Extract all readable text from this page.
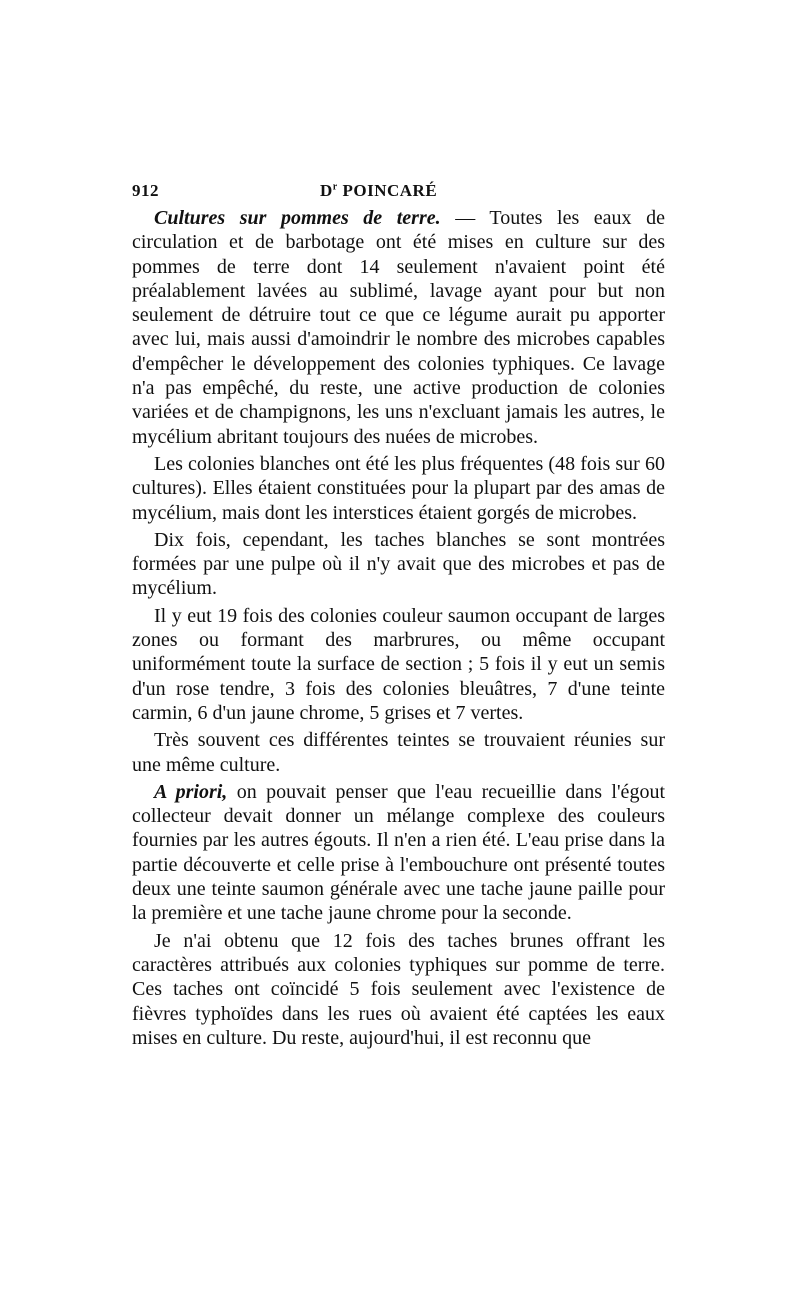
912	$D^r$ POINCARÉ

Cultures sur pommes de terre. — Toutes les eaux de circulation et de barbotage ont été mises en culture sur des pommes de terre dont 14 seulement n'avaient point été préalablement lavées au sublimé, lavage ayant pour but non seulement de détruire tout ce que ce légume aurait pu apporter avec lui, mais aussi d'amoindrir le nombre des microbes capables d'empêcher le développement des colonies typhiques. Ce lavage n'a pas empêché, du reste, une active production de colonies variées et de champignons, les uns n'excluant jamais les autres, le mycélium abritant toujours des nuées de microbes.

Les colonies blanches ont été les plus fréquentes (48 fois sur 60 cultures). Elles étaient constituées pour la plupart par des amas de mycélium, mais dont les interstices étaient gorgés de microbes.

Dix fois, cependant, les taches blanches se sont montrées formées par une pulpe où il n'y avait que des microbes et pas de mycélium.

Il y eut 19 fois des colonies couleur saumon occupant de larges zones ou formant des marbrures, ou même occupant uniformément toute la surface de section ; 5 fois il y eut un semis d'un rose tendre, 3 fois des colonies bleuâtres, 7 d'une teinte carmin, 6 d'un jaune chrome, 5 grises et 7 vertes.

Très souvent ces différentes teintes se trouvaient réunies sur une même culture.

A priori, on pouvait penser que l'eau recueillie dans l'égout collecteur devait donner un mélange complexe des couleurs fournies par les autres égouts. Il n'en a rien été. L'eau prise dans la partie découverte et celle prise à l'embouchure ont présenté toutes deux une teinte saumon générale avec une tache jaune paille pour la première et une tache jaune chrome pour la seconde.

Je n'ai obtenu que 12 fois des taches brunes offrant les caractères attribués aux colonies typhiques sur pomme de terre. Ces taches ont coïncidé 5 fois seulement avec l'existence de fièvres typhoïdes dans les rues où avaient été captées les eaux mises en culture. Du reste, aujourd'hui, il est reconnu que
